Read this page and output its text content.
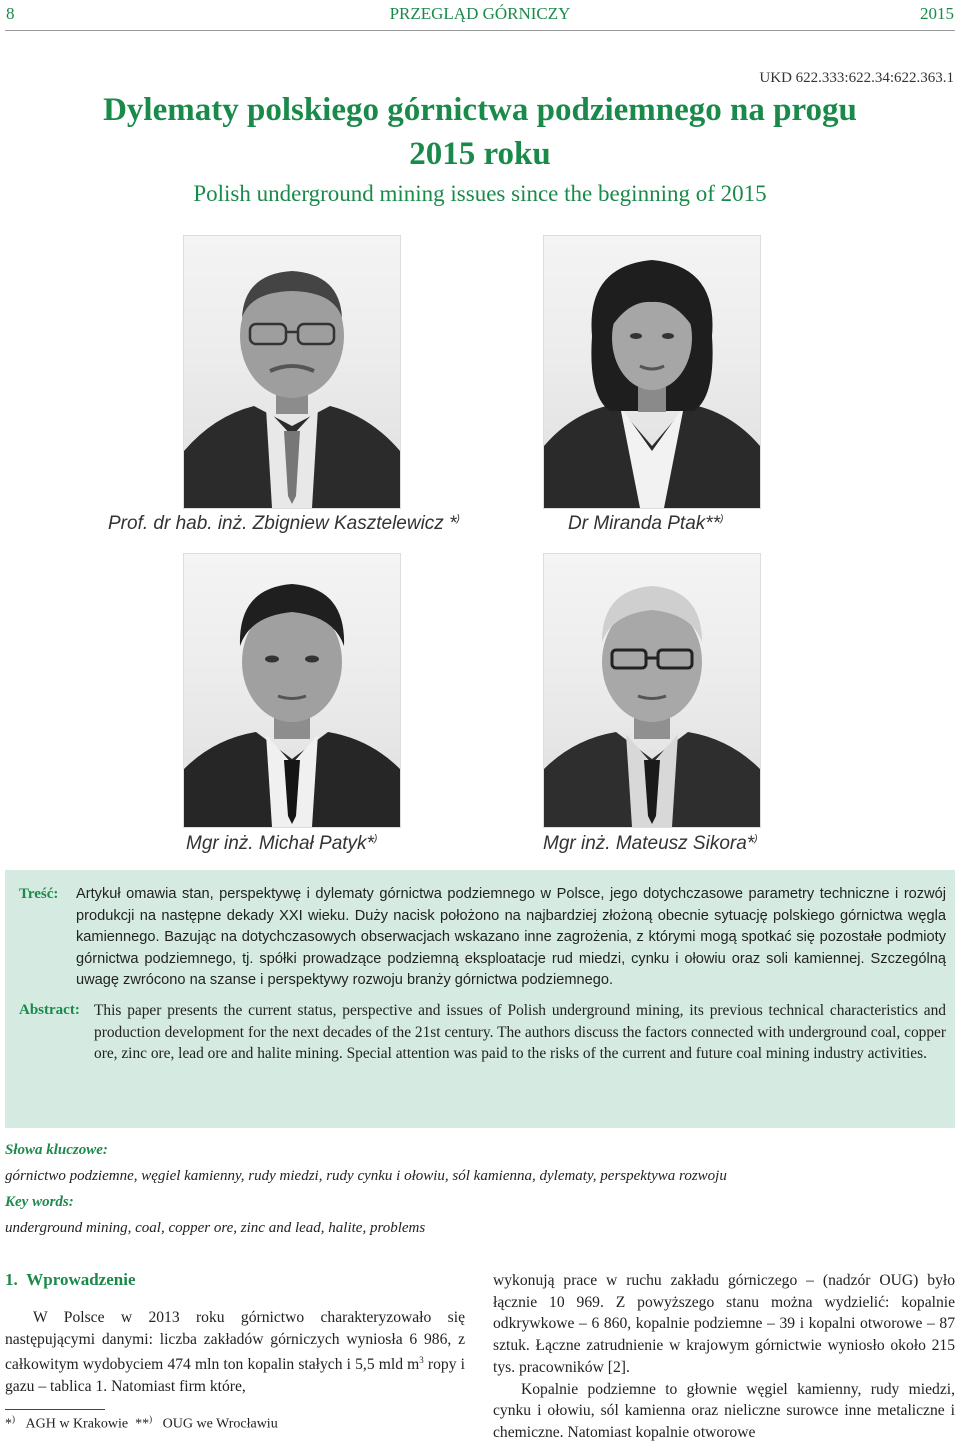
8	PRZEGLĄD GÓRNICZY	2015
UKD 622.333:622.34:622.363.1
Dylematy polskiego górnictwa podziemnego na progu
2015 roku
Polish underground mining issues since the beginning of 2015
Prof. dr hab. inż. Zbigniew Kasztelewicz *)	Dr Miranda Ptak**)
Mgr inż. Michał Patyk*)	Mgr inż. Mateusz Sikora*)
Treść: Artykuł omawia stan, perspektywę i dylematy górnictwa podziemnego w Polsce, jego dotychczasowe parametry techniczne i rozwój produkcji na następne dekady XXI wieku. Duży nacisk położono na najbardziej złożoną obecnie sytuację polskiego górnictwa węgla kamiennego. Bazując na dotychczasowych obserwacjach wskazano inne zagrożenia, z którymi mogą spotkać się pozostałe podmioty górnictwa podziemnego, tj. spółki prowadzące podziemną eksploatacje rud miedzi, cynku i ołowiu oraz soli kamiennej. Szczególną uwagę zwrócono na szanse i perspektywy rozwoju branży górnictwa podziemnego.
Abstract: This paper presents the current status, perspective and issues of Polish underground mining, its previous technical characteristics and production development for the next decades of the 21st century. The authors discuss the factors connected with underground coal, copper ore, zinc ore, lead ore and halite mining. Special attention was paid to the risks of the current and future coal mining industry activities.
Słowa kluczowe:
górnictwo podziemne, węgiel kamienny, rudy miedzi, rudy cynku i ołowiu, sól kamienna, dylematy, perspektywa rozwoju
Key words:
underground mining, coal, copper ore, zinc and lead, halite, problems
1. Wprowadzenie
W Polsce w 2013 roku górnictwo charakteryzowało się następującymi danymi: liczba zakładów górniczych wyniosła 6 986, z całkowitym wydobyciem 474 mln ton kopalin stałych i 5,5 mld $m^3$ ropy i gazu – tablica 1. Natomiast firm które,

wykonują prace w ruchu zakładu górniczego – (nadzór OUG) było łącznie 10 969. Z powyższego stanu można wydzielić: kopalnie odkrywkowe – 6 860, kopalnie podziemne – 39 i kopalni otworowe – 87 sztuk. Łączne zatrudnienie w krajowym górnictwie wyniosło około 215 tys. pracowników [2].

Kopalnie podziemne to głownie węgiel kamienny, rudy miedzi, cynku i ołowiu, sól kamienna oraz nieliczne surowce inne metaliczne i chemiczne. Natomiast kopalnie otworowe

*) AGH w Krakowie **) OUG we Wrocławiu
